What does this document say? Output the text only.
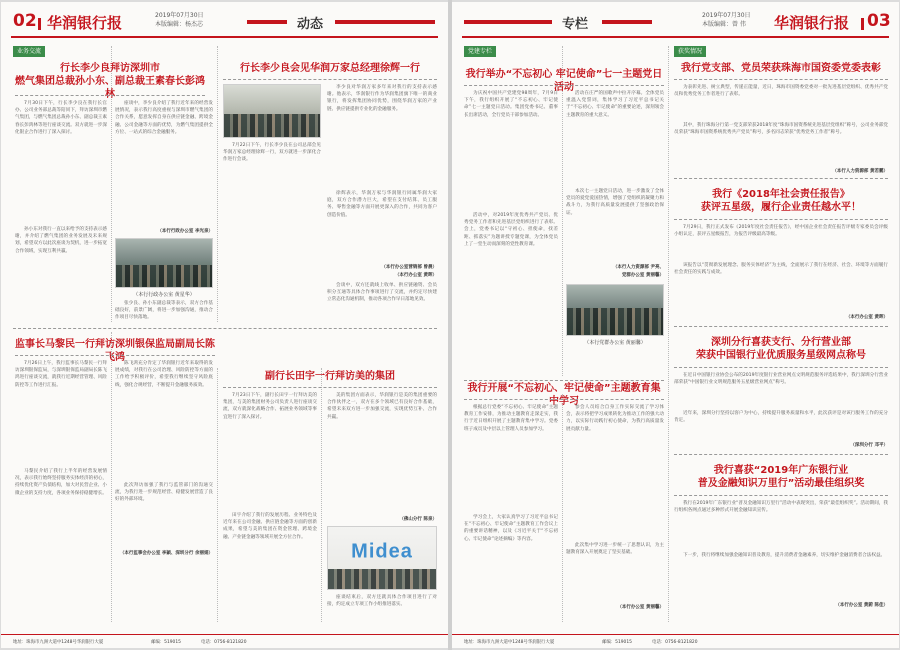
02 华润银行报	2019年07月30日
本版编辑：杨杰芯	动态
业务交流
行长李少良拜访深圳市
燃气集团总裁孙小东、副总裁王素春长彭鸿林
7月30日下午，行长李少良在我行长官办、公司业务部总裁等陪同下，拜访深圳市燃气集团，与燃气集团总裁孙小东、副总裁王素春长彭鸿林等进行座谈交流。双方就进一步深化银企合作进行了深入探讨。
孙小东对我行一直以来给予的支持表示感谢，并介绍了燃气集团的业务发展及未来规划，希望双方以此次座谈为契机，进一步拓宽合作领域，实现互利共赢。
座谈中，李少良介绍了我行近年来的经营发展情况，表示我行高度重视与深圳市燃气集团的合作关系，愿意发挥自身在供应链金融、跨境金融、公司金融等方面的优势，为燃气集团提供全方位、一站式的综合金融服务。
（本行行政办公室 李光泉）
（本行行政办公室 黄星华）
张少良、孙小东副总裁等表示，双方合作基础良好，前景广阔，将进一步加强沟通，推动合作项目尽快落地。
行长李少良会见华润万家总经理徐辉一行
7月22日下午，行长李少良在公司总部会见华润万家总经理徐辉一行，双方就进一步深化合作进行会谈。
李少良对华润万家多年来对我行的支持表示感谢。他表示，华润银行作为华润集团旗下唯一的商业银行，将发挥集团协同优势，围绕华润万家的产业链、供应链提供专业化的金融服务。
徐辉表示，华润万家与华润银行同属华润大家庭，双方合作潜力巨大，希望在支付结算、员工服务、零售金融等方面开展更深入的合作，共同为客户创造价值。
（本行办公室营销部 曾晨）
（本行办公室 黄晖）
会谈中，双方还就线上收单、供应链融资、会员积分互通等具体合作事项进行了交流，并约定尽快建立常态化沟通机制，推动各项合作早日落地见效。
监事长马黎民一行拜访深圳银保监局副局长陈飞鸿
7月26日上午，我行监事长马黎民一行拜访深圳银保监局，与深圳银保监局副局长陈飞鸿进行座谈交流，就我行近期经营管理、风险防控等工作进行汇报。
马黎民介绍了我行上半年的经营发展情况，表示我行始终坚持服务实体经济的初心，持续优化资产负债结构，加大对民营企业、小微企业的支持力度，各项业务保持稳健增长。
陈飞鸿充分肯定了华润银行近年来取得的发展成绩，对我行在公司治理、风险防控等方面的工作给予积极评价，希望我行继续坚守风险底线，强化合规经营，不断提升金融服务质效。
此次拜访加强了我行与监管部门的沟通交流，为我行进一步规范经营、稳健发展营造了良好的外部环境。
（本行监事会办公室 李颖、深圳分行 余丽娟）
副行长田宇一行拜访美的集团
7月23日下午，副行长田宇一行拜访美的集团，与美的集团财务公司负责人进行座谈交流，双方就深化战略合作、拓展业务领域等事宜进行了深入探讨。
田宇介绍了我行的发展历程、业务特色及近年来在公司金融、供应链金融等方面的创新成果，希望与美的集团在资金管理、跨境金融、产业链金融等领域开展全方位合作。
美的集团方面表示，华润银行是美的集团重要的合作伙伴之一，双方在多个领域已有良好合作基础，希望未来双方进一步加强交流，实现优势互补、合作共赢。
（佛山分行 陈泉）
Midea
座谈结束后，双方还就具体合作项目进行了对接，约定成立专项工作小组推进落实。
地址：珠海市九洲大道中1248号华润银行大厦	邮编：519015	电话：0756-8121820
专栏
2019年07月30日
本版编辑：曾 伟	华润银行报 03
党建专栏
我行举办“不忘初心 牢记使命”七一主题党日活动
为庆祝中国共产党建党98周年，7月9日下午，我行组织开展了“不忘初心、牢记使命”七一主题党日活动。集团党委书记、董事长出席活动，全行党员干部参加活动。
活动中，对2019年度优秀共产党员、优秀党务工作者和先进基层党组织进行了表彰。会上，党委书记以“守初心、担使命，找差距、抓落实”为题讲授专题党课，为全体党员上了一堂生动而深刻的党性教育课。
活动在庄严的国歌声中拉开序幕。全体党员重温入党誓词，集体学习了习近平总书记关于“不忘初心、牢记使命”的重要论述，深刻领会主题教育的重大意义。
本次七一主题党日活动，进一步激发了全体党员的爱党爱国热情，增强了党组织的凝聚力和战斗力，为我行高质量发展提供了坚强政治保证。
（本行人力资源部 尹亮、
党群办公室 黄丽馨）
（本行党群办公室 黄丽馨）
我行开展“不忘初心、牢记使命”主题教育集中学习
根据总行党委“不忘初心、牢记使命”主题教育工作安排，为推动主题教育走深走实，我行于近日组织开展了主题教育集中学习。党委班子成员及中层以上管理人员参加学习。
学习会上，大家认真学习了习近平总书记在“不忘初心、牢记使命”主题教育工作会议上的重要讲话精神，以及《习近平关于“不忘初心、牢记使命”论述摘编》等内容。
参会人员结合自身工作实际交流了学习体会，表示将把学习成果转化为推动工作的强大动力，以实际行动践行初心使命，为我行高质量发展贡献力量。
此次集中学习进一步统一了思想认识，为主题教育深入开展奠定了坚实基础。
（本行办公室 黄丽馨）
获奖情况
我行党支部、党员荣获珠海市国资委党委表彰
为表彰先进、树立典型，传递正能量，近日，珠海市国资委党委对一批先进基层党组织、优秀共产党员和优秀党务工作者进行了表彰。
其中，我行珠海分行第一党支部荣获2018年度“珠海市国资系统先进基层党组织”称号，公司业务部党员荣获“珠海市国资系统优秀共产党员”称号，多名同志荣获“优秀党务工作者”称号。
（本行人力资源部 黄若鹏）
我行《2018年社会责任报告》
获评五星级，履行企业责任越水平！
7月29日，我行正式发布《2019年度社会责任报告》，经中国企业社会责任报告评级专家委员会评级小组认定，获评五星级报告，为报告评级最高等级。
该报告以“贯彻新发展理念、服务实体经济”为主线，全面展示了我行在经济、社会、环境等方面履行社会责任的实践与成效。
（本行办公室 黄晖）
深圳分行喜获支行、分行营业部
荣获中国银行业优质服务星级网点称号
在近日中国银行业协会公布的2019年度银行业营业网点文明规范服务评选结果中，我行深圳分行营业部荣获“中国银行业文明规范服务五星级营业网点”称号。
近年来，深圳分行坚持以客户为中心，持续提升服务质量和水平，此次获评是对该行服务工作的充分肯定。
（深圳分行 邓平）
我行喜获“2019年广东银行业
普及金融知识万里行”活动最佳组织奖
我行在2019年广东银行业“普及金融知识万里行”活动中表现突出，荣获“最佳组织奖”。活动期间，我行组织各网点通过多种形式开展金融知识宣传。
下一步，我行将继续加强金融知识普及教育，提升消费者金融素养，切实维护金融消费者合法权益。
（本行办公室 黄蔚 陈佳）
地址：珠海市九洲大道中1248号华润银行大厦	邮编：519015	电话：0756-8121820
